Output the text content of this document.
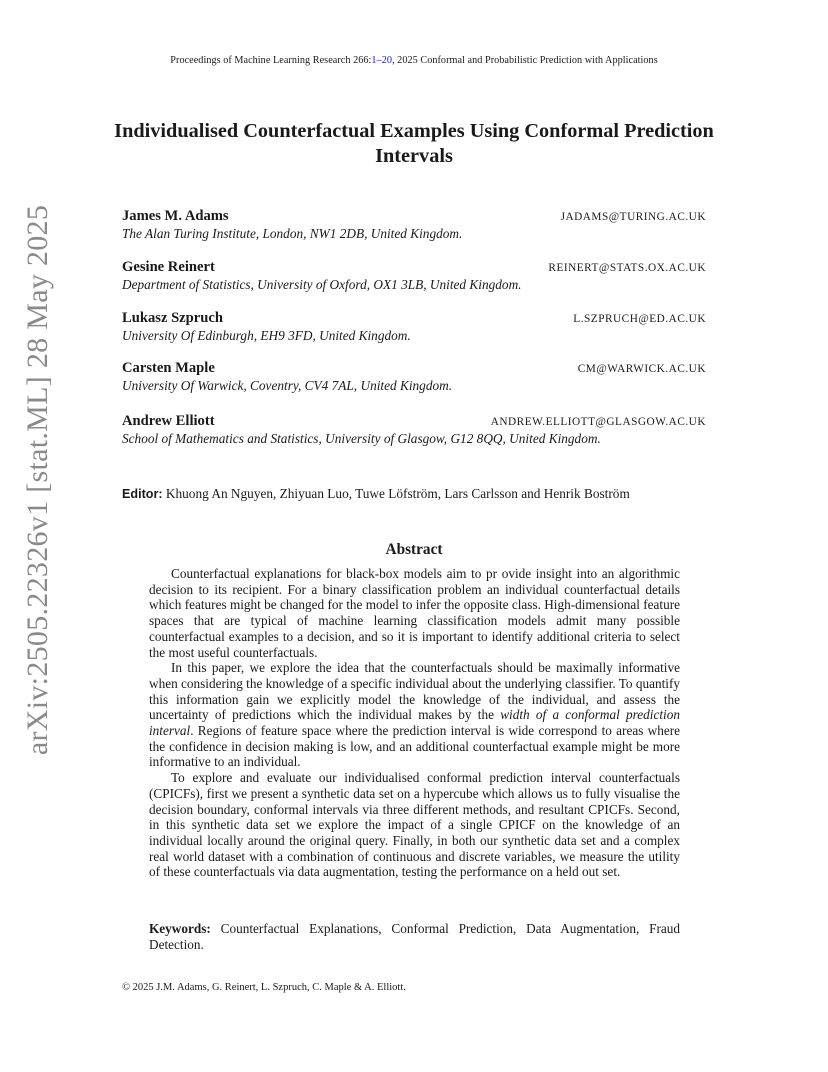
Proceedings of Machine Learning Research 266:1–20, 2025 Conformal and Probabilistic Prediction with Applications
arXiv:2505.22326v1 [stat.ML] 28 May 2025
Individualised Counterfactual Examples Using Conformal Prediction Intervals
James M. Adams	JADAMS@TURING.AC.UK
The Alan Turing Institute, London, NW1 2DB, United Kingdom.
Gesine Reinert	REINERT@STATS.OX.AC.UK
Department of Statistics, University of Oxford, OX1 3LB, United Kingdom.
Lukasz Szpruch	L.SZPRUCH@ED.AC.UK
University Of Edinburgh, EH9 3FD, United Kingdom.
Carsten Maple	CM@WARWICK.AC.UK
University Of Warwick, Coventry, CV4 7AL, United Kingdom.
Andrew Elliott	ANDREW.ELLIOTT@GLASGOW.AC.UK
School of Mathematics and Statistics, University of Glasgow, G12 8QQ, United Kingdom.
Editor: Khuong An Nguyen, Zhiyuan Luo, Tuwe Löfström, Lars Carlsson and Henrik Boström
Abstract

Counterfactual explanations for black-box models aim to pr ovide insight into an algorithmic decision to its recipient. For a binary classification problem an individual counterfactual details which features might be changed for the model to infer the opposite class. High-dimensional feature spaces that are typical of machine learning classification models admit many possible counterfactual examples to a decision, and so it is important to identify additional criteria to select the most useful counterfactuals.

In this paper, we explore the idea that the counterfactuals should be maximally informative when considering the knowledge of a specific individual about the underlying classifier. To quantify this information gain we explicitly model the knowledge of the individual, and assess the uncertainty of predictions which the individual makes by the width of a conformal prediction interval. Regions of feature space where the prediction interval is wide correspond to areas where the confidence in decision making is low, and an additional counterfactual example might be more informative to an individual.

To explore and evaluate our individualised conformal prediction interval counterfactuals (CPICFs), first we present a synthetic data set on a hypercube which allows us to fully visualise the decision boundary, conformal intervals via three different methods, and resultant CPICFs. Second, in this synthetic data set we explore the impact of a single CPICF on the knowledge of an individual locally around the original query. Finally, in both our synthetic data set and a complex real world dataset with a combination of continuous and discrete variables, we measure the utility of these counterfactuals via data augmentation, testing the performance on a held out set.

Keywords: Counterfactual Explanations, Conformal Prediction, Data Augmentation, Fraud Detection.
© 2025 J.M. Adams, G. Reinert, L. Szpruch, C. Maple & A. Elliott.
